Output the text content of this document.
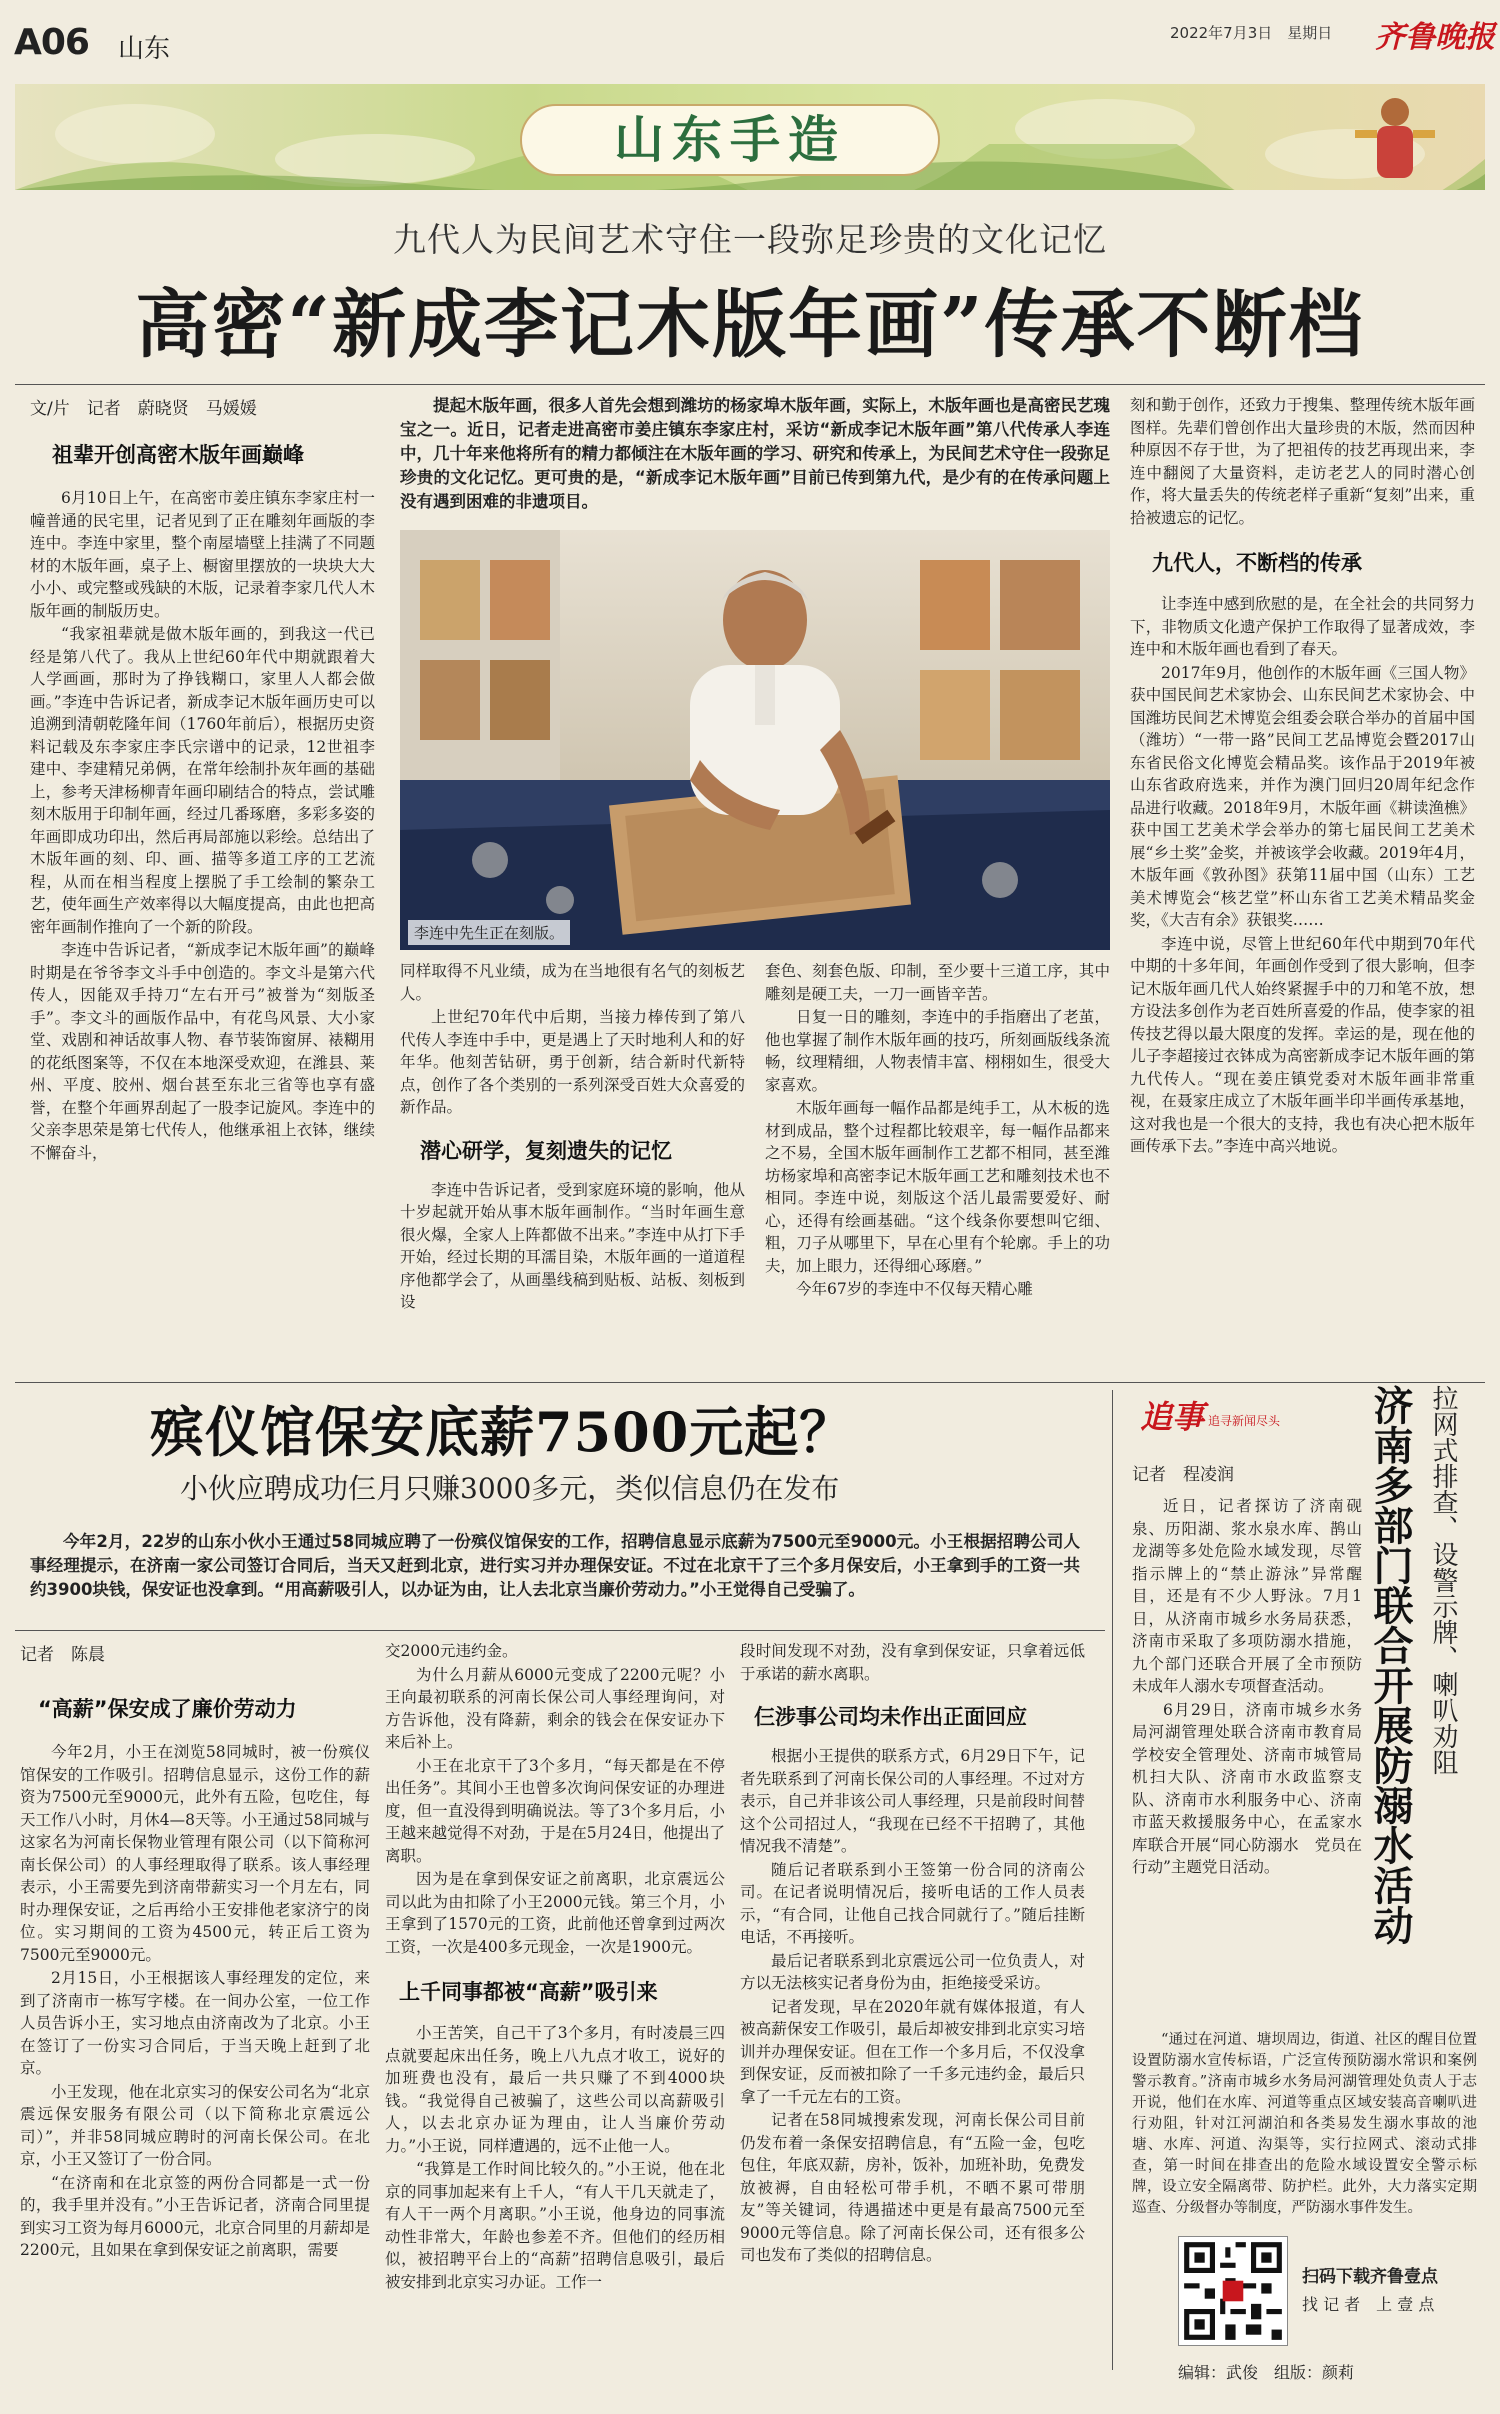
A06 山东
2022年7月3日　星期日 齐鲁晚报
山东手造
九代人为民间艺术守住一段弥足珍贵的文化记忆
高密“新成李记木版年画”传承不断档
文/片　记者　蔚晓贤　马媛媛
祖辈开创高密木版年画巅峰

6月10日上午，在高密市姜庄镇东李家庄村一幢普通的民宅里，记者见到了正在雕刻年画版的李连中。李连中家里，整个南屋墙壁上挂满了不同题材的木版年画，桌子上、橱窗里摆放的一块块大大小小、或完整或残缺的木版，记录着李家几代人木版年画的制版历史。

“我家祖辈就是做木版年画的，到我这一代已经是第八代了。我从上世纪60年代中期就跟着大人学画画，那时为了挣钱糊口，家里人人都会做画。”李连中告诉记者，新成李记木版年画历史可以追溯到清朝乾隆年间（1760年前后），根据历史资料记载及东李家庄李氏宗谱中的记录，12世祖李建中、李建精兄弟俩，在常年绘制扑灰年画的基础上，参考天津杨柳青年画印刷结合的特点，尝试雕刻木版用于印制年画，经过几番琢磨，多彩多姿的年画即成功印出，然后再局部施以彩绘。总结出了木版年画的刻、印、画、描等多道工序的工艺流程，从而在相当程度上摆脱了手工绘制的繁杂工艺，使年画生产效率得以大幅度提高，由此也把高密年画制作推向了一个新的阶段。

李连中告诉记者，“新成李记木版年画”的巅峰时期是在爷爷李文斗手中创造的。李文斗是第六代传人，因能双手持刀“左右开弓”被誉为“刻版圣手”。李文斗的画版作品中，有花鸟风景、大小家堂、戏剧和神话故事人物、春节装饰窗屏、裱糊用的花纸图案等，不仅在本地深受欢迎，在潍县、莱州、平度、胶州、烟台甚至东北三省等也享有盛誉，在整个年画界刮起了一股李记旋风。李连中的父亲李思荣是第七代传人，他继承祖上衣钵，继续不懈奋斗，

提起木版年画，很多人首先会想到潍坊的杨家埠木版年画，实际上，木版年画也是高密民艺瑰宝之一。近日，记者走进高密市姜庄镇东李家庄村，采访“新成李记木版年画”第八代传承人李连中，几十年来他将所有的精力都倾注在木版年画的学习、研究和传承上，为民间艺术守住一段弥足珍贵的文化记忆。更可贵的是，“新成李记木版年画”目前已传到第九代，是少有的在传承问题上没有遇到困难的非遗项目。
李连中先生正在刻版。

同样取得不凡业绩，成为在当地很有名气的刻板艺人。

上世纪70年代中后期，当接力棒传到了第八代传人李连中手中，更是遇上了天时地利人和的好年华。他刻苦钻研，勇于创新，结合新时代新特点，创作了各个类别的一系列深受百姓大众喜爱的新作品。

潜心研学，复刻遗失的记忆

李连中告诉记者，受到家庭环境的影响，他从十岁起就开始从事木版年画制作。“当时年画生意很火爆，全家人上阵都做不出来。”李连中从打下手开始，经过长期的耳濡目染，木版年画的一道道程序他都学会了，从画墨线稿到贴板、站板、刻板到设

套色、刻套色版、印制，至少要十三道工序，其中雕刻是硬工夫，一刀一画皆辛苦。

日复一日的雕刻，李连中的手指磨出了老茧，他也掌握了制作木版年画的技巧，所刻画版线条流畅，纹理精细，人物表情丰富、栩栩如生，很受大家喜欢。

木版年画每一幅作品都是纯手工，从木板的选材到成品，整个过程都比较艰辛，每一幅作品都来之不易，全国木版年画制作工艺都不相同，甚至潍坊杨家埠和高密李记木版年画工艺和雕刻技术也不相同。李连中说，刻版这个活儿最需要爱好、耐心，还得有绘画基础。“这个线条你要想叫它细、粗，刀子从哪里下，早在心里有个轮廓。手上的功夫，加上眼力，还得细心琢磨。”

今年67岁的李连中不仅每天精心雕

刻和勤于创作，还致力于搜集、整理传统木版年画图样。先辈们曾创作出大量珍贵的木版，然而因种种原因不存于世，为了把祖传的技艺再现出来，李连中翻阅了大量资料，走访老艺人的同时潜心创作，将大量丢失的传统老样子重新“复刻”出来，重拾被遗忘的记忆。

九代人，不断档的传承

让李连中感到欣慰的是，在全社会的共同努力下，非物质文化遗产保护工作取得了显著成效，李连中和木版年画也看到了春天。

2017年9月，他创作的木版年画《三国人物》获中国民间艺术家协会、山东民间艺术家协会、中国潍坊民间艺术博览会组委会联合举办的首届中国（潍坊）“一带一路”民间工艺品博览会暨2017山东省民俗文化博览会精品奖。该作品于2019年被山东省政府选来，并作为澳门回归20周年纪念作品进行收藏。2018年9月，木版年画《耕读渔樵》获中国工艺美术学会举办的第七届民间工艺美术展“乡土奖”金奖，并被该学会收藏。2019年4月，木版年画《敦孙图》获第11届中国（山东）工艺美术博览会“核艺堂”杯山东省工艺美术精品奖金奖，《大吉有余》获银奖……

李连中说，尽管上世纪60年代中期到70年代中期的十多年间，年画创作受到了很大影响，但李记木版年画几代人始终紧握手中的刀和笔不放，想方设法多创作为老百姓所喜爱的作品，使李家的祖传技艺得以最大限度的发挥。幸运的是，现在他的儿子李超接过衣钵成为高密新成李记木版年画的第九代传人。“现在姜庄镇党委对木版年画非常重视，在聂家庄成立了木版年画半印半画传承基地，这对我也是一个很大的支持，我也有决心把木版年画传承下去。”李连中高兴地说。

殡仪馆保安底薪7500元起？
小伙应聘成功仨月只赚3000多元，类似信息仍在发布
今年2月，22岁的山东小伙小王通过58同城应聘了一份殡仪馆保安的工作，招聘信息显示底薪为7500元至9000元。小王根据招聘公司人事经理提示，在济南一家公司签订合同后，当天又赶到北京，进行实习并办理保安证。不过在北京干了三个多月保安后，小王拿到手的工资一共约3900块钱，保安证也没拿到。“用高薪吸引人，以办证为由，让人去北京当廉价劳动力。”小王觉得自己受骗了。
记者　陈晨
“高薪”保安成了廉价劳动力

今年2月，小王在浏览58同城时，被一份殡仪馆保安的工作吸引。招聘信息显示，这份工作的薪资为7500元至9000元，此外有五险，包吃住，每天工作八小时，月休4—8天等。小王通过58同城与这家名为河南长保物业管理有限公司（以下简称河南长保公司）的人事经理取得了联系。该人事经理表示，小王需要先到济南带薪实习一个月左右，同时办理保安证，之后再给小王安排他老家济宁的岗位。实习期间的工资为4500元，转正后工资为7500元至9000元。

2月15日，小王根据该人事经理发的定位，来到了济南市一栋写字楼。在一间办公室，一位工作人员告诉小王，实习地点由济南改为了北京。小王在签订了一份实习合同后，于当天晚上赶到了北京。

小王发现，他在北京实习的保安公司名为“北京震远保安服务有限公司（以下简称北京震远公司）”，并非58同城应聘时的河南长保公司。在北京，小王又签订了一份合同。

“在济南和在北京签的两份合同都是一式一份的，我手里并没有。”小王告诉记者，济南合同里提到实习工资为每月6000元，北京合同里的月薪却是2200元，且如果在拿到保安证之前离职，需要

交2000元违约金。

为什么月薪从6000元变成了2200元呢？小王向最初联系的河南长保公司人事经理询问，对方告诉他，没有降薪，剩余的钱会在保安证办下来后补上。

小王在北京干了3个多月，“每天都是在不停出任务”。其间小王也曾多次询问保安证的办理进度，但一直没得到明确说法。等了3个多月后，小王越来越觉得不对劲，于是在5月24日，他提出了离职。

因为是在拿到保安证之前离职，北京震远公司以此为由扣除了小王2000元钱。第三个月，小王拿到了1570元的工资，此前他还曾拿到过两次工资，一次是400多元现金，一次是1900元。

上千同事都被“高薪”吸引来

小王苦笑，自己干了3个多月，有时凌晨三四点就要起床出任务，晚上八九点才收工，说好的加班费也没有，最后一共只赚了不到4000块钱。“我觉得自己被骗了，这些公司以高薪吸引人，以去北京办证为理由，让人当廉价劳动力。”小王说，同样遭遇的，远不止他一人。

“我算是工作时间比较久的。”小王说，他在北京的同事加起来有上千人，“有人干几天就走了，有人干一两个月离职。”小王说，他身边的同事流动性非常大，年龄也参差不齐。但他们的经历相似，被招聘平台上的“高薪”招聘信息吸引，最后被安排到北京实习办证。工作一

段时间发现不对劲，没有拿到保安证，只拿着远低于承诺的薪水离职。

仨涉事公司均未作出正面回应

根据小王提供的联系方式，6月29日下午，记者先联系到了河南长保公司的人事经理。不过对方表示，自己并非该公司人事经理，只是前段时间替这个公司招过人，“我现在已经不干招聘了，其他情况我不清楚”。

随后记者联系到小王签第一份合同的济南公司。在记者说明情况后，接听电话的工作人员表示，“有合同，让他自己找合同就行了。”随后挂断电话，不再接听。

最后记者联系到北京震远公司一位负责人，对方以无法核实记者身份为由，拒绝接受采访。

记者发现，早在2020年就有媒体报道，有人被高薪保安工作吸引，最后却被安排到北京实习培训并办理保安证。但在工作一个多月后，不仅没拿到保安证，反而被扣除了一千多元违约金，最后只拿了一千元左右的工资。

记者在58同城搜索发现，河南长保公司目前仍发布着一条保安招聘信息，有“五险一金，包吃包住，年底双薪，房补，饭补，加班补助，免费发放被褥，自由轻松可带手机，不晒不累可带朋友”等关键词，待遇描述中更是有最高7500元至9000元等信息。除了河南长保公司，还有很多公司也发布了类似的招聘信息。

追事 追寻新闻尽头
记者　程凌润	济南多部门联合开展防溺水活动 拉网式排查、设警示牌、喇叭劝阻

近日，记者探访了济南砚泉、历阳湖、浆水泉水库、鹊山龙湖等多处危险水域发现，尽管指示牌上的“禁止游泳”异常醒目，还是有不少人野泳。7月1日，从济南市城乡水务局获悉，济南市采取了多项防溺水措施，九个部门还联合开展了全市预防未成年人溺水专项督查活动。

6月29日，济南市城乡水务局河湖管理处联合济南市教育局学校安全管理处、济南市城管局机扫大队、济南市水政监察支队、济南市水利服务中心、济南市蓝天救援服务中心，在孟家水库联合开展“同心防溺水　党员在行动”主题党日活动。

“通过在河道、塘坝周边，街道、社区的醒目位置设置防溺水宣传标语，广泛宣传预防溺水常识和案例警示教育。”济南市城乡水务局河湖管理处负责人于志开说，他们在水库、河道等重点区域安装高音喇叭进行劝阻，针对江河湖泊和各类易发生溺水事故的池塘、水库、河道、沟渠等，实行拉网式、滚动式排查，第一时间在排查出的危险水域设置安全警示标牌，设立安全隔离带、防护栏。此外，大力落实定期巡查、分级督办等制度，严防溺水事件发生。

扫码下载齐鲁壹点
找 记 者　上 壹 点
编辑：武俊　组版：颜莉
